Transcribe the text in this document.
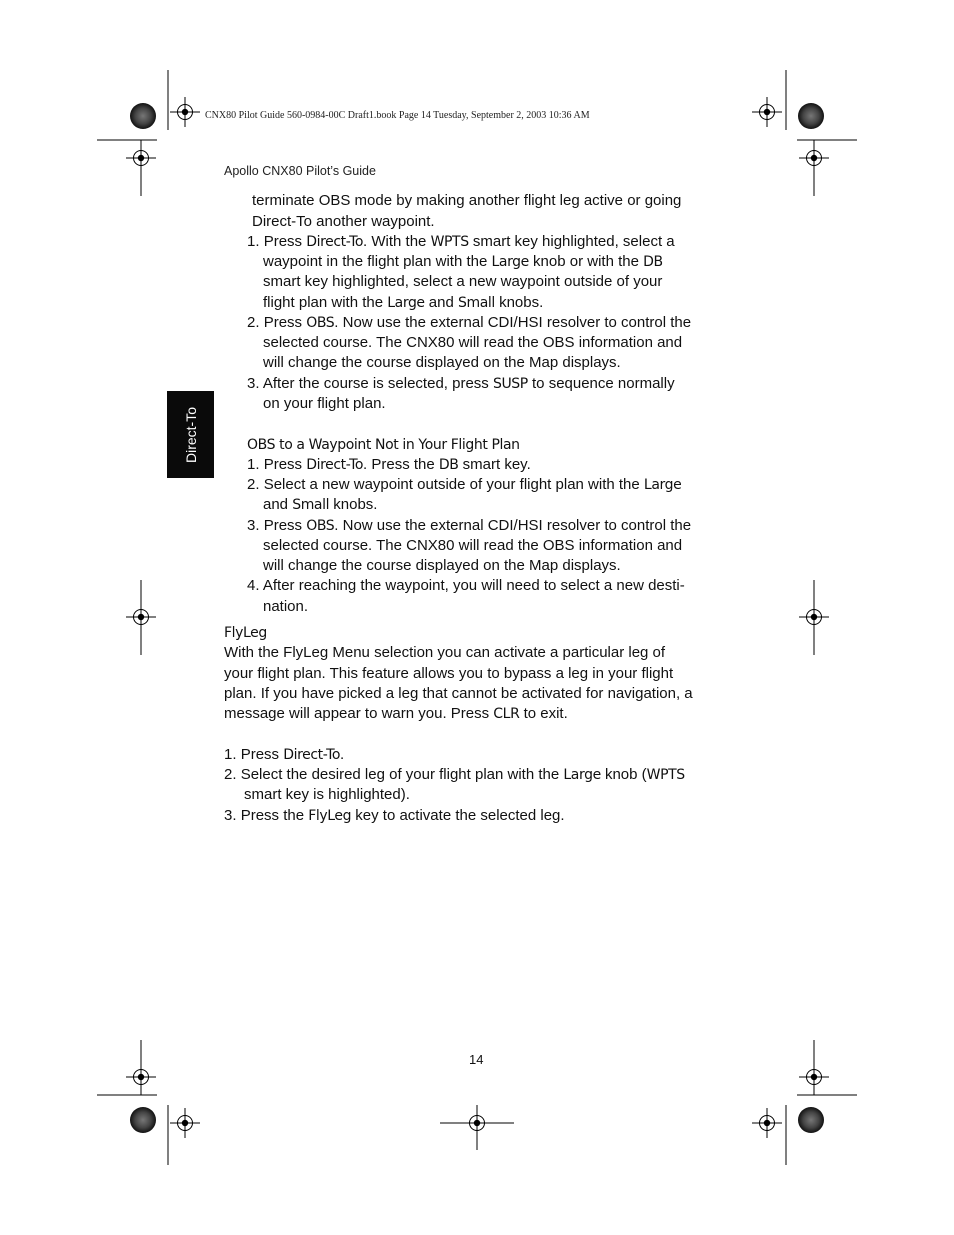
CNX80 Pilot Guide 560-0984-00C Draft1.book Page 14 Tuesday, September 2, 2003 10:36 AM
Apollo CNX80 Pilot’s Guide
Direct-To
terminate OBS mode by making another flight leg active or going
Direct-To another waypoint.
1. Press Direct-To. With the WPTS smart key highlighted, select a
waypoint in the flight plan with the Large knob or with the DB
smart key highlighted, select a new waypoint outside of your
flight plan with the Large and Small knobs.
2. Press OBS. Now use the external CDI/HSI resolver to control the
selected course. The CNX80 will read the OBS information and
will change the course displayed on the Map displays.
3. After the course is selected, press SUSP to sequence normally
on your flight plan.
OBS to a Waypoint Not in Your Flight Plan
1. Press Direct-To. Press the DB smart key.
2. Select a new waypoint outside of your flight plan with the Large
and Small knobs.
3. Press OBS. Now use the external CDI/HSI resolver to control the
selected course. The CNX80 will read the OBS information and
will change the course displayed on the Map displays.
4. After reaching the waypoint, you will need to select a new desti-
nation.
FlyLeg
With the FlyLeg Menu selection you can activate a particular leg of
your flight plan. This feature allows you to bypass a leg in your flight
plan. If you have picked a leg that cannot be activated for navigation, a
message will appear to warn you. Press CLR to exit.
1. Press Direct-To.
2. Select the desired leg of your flight plan with the Large knob (WPTS
smart key is highlighted).
3. Press the FlyLeg key to activate the selected leg.
14
